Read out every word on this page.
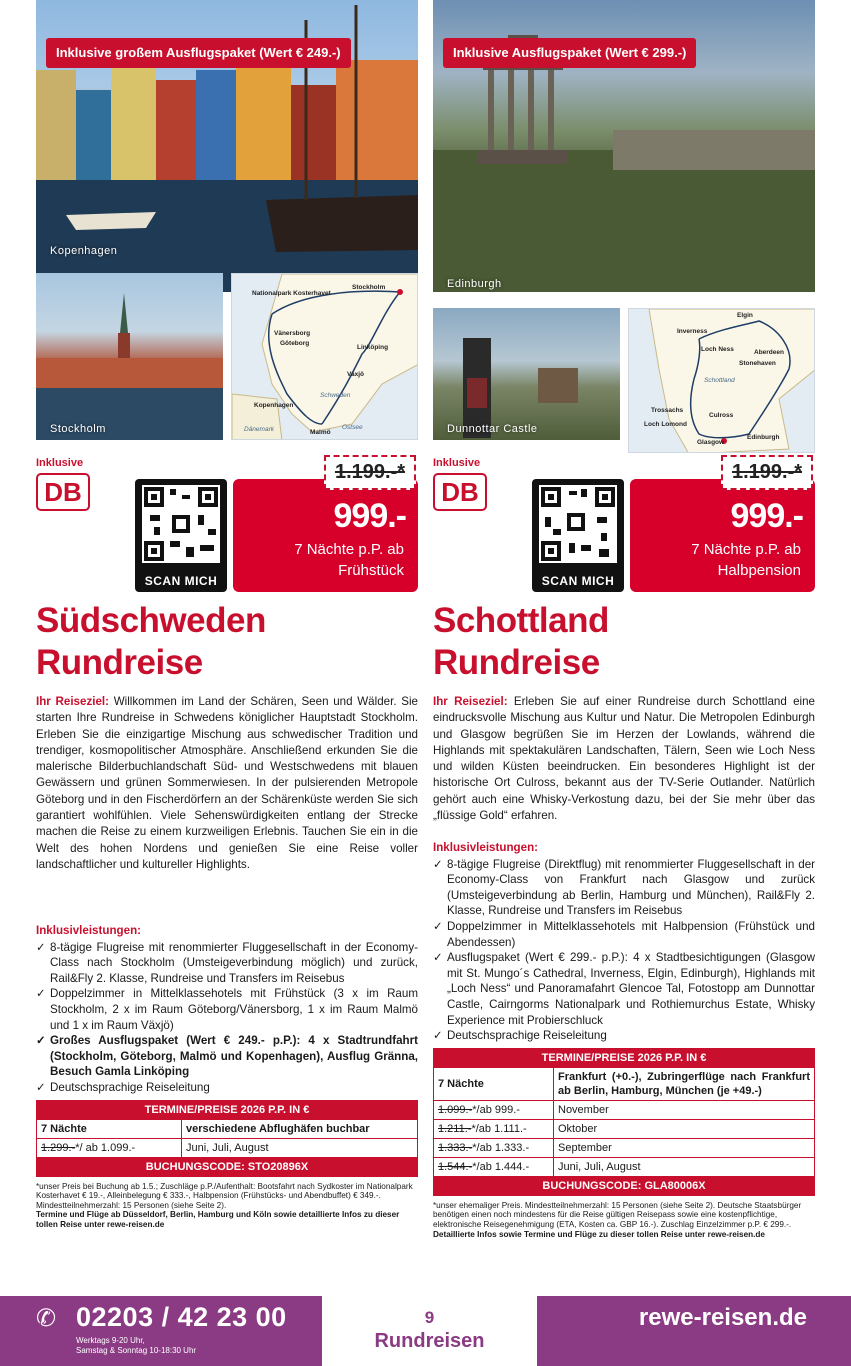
Inklusive großem Ausflugspaket (Wert € 249.-)
Kopenhagen
Stockholm
Nationalpark Kosterhavet
Stockholm
Vänersborg
Göteborg
Linköping
Vaxjö
Schweden
Kopenhagen
Dänemark	Malmö
Ostsee
Inklusive
DB
SCAN MICH
999.-
7 Nächte p.P. ab
Frühstück
1.199.-*
Südschweden
Rundreise

Ihr Reiseziel: Willkommen im Land der Schären, Seen und Wälder. Sie starten Ihre Rundreise in Schwedens königlicher Hauptstadt Stockholm. Erleben Sie die einzigartige Mischung aus schwedischer Tradition und trendiger, kosmopolitischer Atmosphäre. Anschließend erkunden Sie die malerische Bilderbuchlandschaft Süd- und Westschwedens mit blauen Gewässern und grünen Sommerwiesen. In der pulsierenden Metropole Göteborg und in den Fischerdörfern an der Schärenküste werden Sie sich garantiert wohlfühlen. Viele Sehenswürdigkeiten entlang der Strecke machen die Reise zu einem kurzweiligen Erlebnis. Tauchen Sie ein in die Welt des hohen Nordens und genießen Sie eine Reise voller landschaftlicher und kultureller Highlights.

Inklusivleistungen:
✓ 8-tägige Flugreise mit renommierter Fluggesellschaft in der Economy-Class nach Stockholm (Umsteigeverbindung möglich) und zurück, Rail&Fly 2. Klasse, Rundreise und Transfers im Reisebus
✓ Doppelzimmer in Mittelklassehotels mit Frühstück (3 x im Raum Stockholm, 2 x im Raum Göteborg/Vänersborg, 1 x im Raum Malmö und 1 x im Raum Växjö)
✓ Großes Ausflugspaket (Wert € 249.- p.P.): 4 x Stadtrundfahrt (Stockholm, Göteborg, Malmö und Kopenhagen), Ausflug Gränna, Besuch Gamla Linköping
✓ Deutschsprachige Reiseleitung
TERMINE/PREISE 2026 P.P. IN €	
7 Nächte	verschiedene Abflughäfen buchbar
1.299.-*/ ab 1.099.-	Juni, Juli, August
BUCHUNGSCODE: STO20896X	
*unser Preis bei Buchung ab 1.5.; Zuschläge p.P./Aufenthalt: Bootsfahrt nach Sydkoster im Nationalpark Kosterhavet € 19.-, Alleinbelegung € 333.-, Halbpension (Frühstücks- und Abendbuffet) € 349.-.
Mindestteilnehmerzahl: 15 Personen (siehe Seite 2).
Termine und Flüge ab Düsseldorf, Berlin, Hamburg und Köln sowie detaillierte Infos zu dieser tollen Reise unter rewe-reisen.de
Inklusive Ausflugspaket (Wert € 299.-)
Edinburgh
Dunnottar Castle
Elgin
Inverness
Loch Ness	Aberdeen
Stonehaven
Schottland
Trossachs
Culross
Loch Lomond
Glasgow
Edinburgh
Inklusive
DB
SCAN MICH
999.-
7 Nächte p.P. ab
Halbpension
1.199.-*
Schottland
Rundreise

Ihr Reiseziel: Erleben Sie auf einer Rundreise durch Schottland eine eindrucksvolle Mischung aus Kultur und Natur. Die Metropolen Edinburgh und Glasgow begrüßen Sie im Herzen der Lowlands, während die Highlands mit spektakulären Landschaften, Tälern, Seen wie Loch Ness und wilden Küsten beeindrucken. Ein besonderes Highlight ist der historische Ort Culross, bekannt aus der TV-Serie Outlander. Natürlich gehört auch eine Whisky-Verkostung dazu, bei der Sie mehr über das „flüssige Gold“ erfahren.

Inklusivleistungen:
✓ 8-tägige Flugreise (Direktflug) mit renommierter Fluggesellschaft in der Economy-Class von Frankfurt nach Glasgow und zurück (Umsteigeverbindung ab Berlin, Hamburg und München), Rail&Fly 2. Klasse, Rundreise und Transfers im Reisebus
✓ Doppelzimmer in Mittelklassehotels mit Halbpension (Frühstück und Abendessen)
✓ Ausflugspaket (Wert € 299.- p.P.): 4 x Stadtbesichtigungen (Glasgow mit St. Mungo´s Cathedral, Inverness, Elgin, Edinburgh), Highlands mit „Loch Ness“ und Panoramafahrt Glencoe Tal, Fotostopp am Dunnottar Castle, Cairngorms Nationalpark und Rothiemurchus Estate, Whisky Experience mit Probierschluck
✓ Deutschsprachige Reiseleitung
TERMINE/PREISE 2026 P.P. IN €	
7 Nächte	Frankfurt (+0.-), Zubringerflüge nach Frankfurt ab Berlin, Hamburg, München (je +49.-)
1.099.-*/ab 999.-	November
1.211.-*/ab 1.111.-	Oktober
1.333.-*/ab 1.333.-	September
1.544.-*/ab 1.444.-	Juni, Juli, August
BUCHUNGSCODE: GLA80006X	
*unser ehemaliger Preis. Mindestteilnehmerzahl: 15 Personen (siehe Seite 2). Deutsche Staatsbürger benötigen einen noch mindestens für die Reise gültigen Reisepass sowie eine kostenpflichtige, elektronische Reisegenehmigung (ETA, Kosten ca. GBP 16.-). Zuschlag Einzelzimmer p.P. € 299.-.
Detaillierte Infos sowie Termine und Flüge zu dieser tollen Reise unter rewe-reisen.de
✆ 02203 / 42 23 00
Werktags 9-20 Uhr,
Samstag & Sonntag 10-18:30 Uhr
9
Rundreisen
rewe-reisen.de
